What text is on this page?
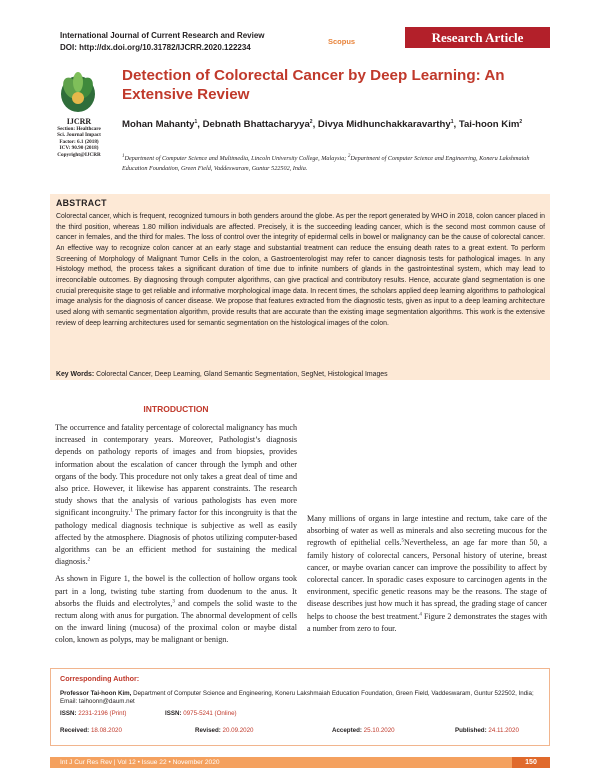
International Journal of Current Research and Review
DOI: http://dx.doi.org/10.31782/IJCRR.2020.122234
Scopus	Research Article
IJCRR
Section: Healthcare
Sci. Journal Impact
Factor: 6.1 (2018)
ICV: 90.90 (2018)
Copyright@IJCRR
Detection of Colorectal Cancer by Deep Learning: An Extensive Review
Mohan Mahanty$^1$, Debnath Bhattacharyya$^2$, Divya Midhunchakkaravarthy$^1$, Tai-hoon Kim$^2$
$^1$Department of Computer Science and Multimedia, Lincoln University College, Malaysia; $^2$Department of Computer Science and Engineering, Koneru Lakshmaiah Education Foundation, Green Field, Vaddeswaram, Guntur 522502, India.
ABSTRACT
Colorectal cancer, which is frequent, recognized tumours in both genders around the globe. As per the report generated by WHO in 2018, colon cancer placed in the third position, whereas 1.80 million individuals are affected. Precisely, it is the succeeding leading cancer, which is the second most common cause of cancer in females, and the third for males. The loss of control over the integrity of epidermal cells in bowel or malignancy can be the cause of colorectal cancer. An effective way to recognize colon cancer at an early stage and substantial treatment can reduce the ensuing death rates to a great extent. To perform Screening of Morphology of Malignant Tumor Cells in the colon, a Gastroenterologist may refer to cancer diagnosis tests for pathological images. In any Histology method, the process takes a significant duration of time due to infinite numbers of glands in the gastrointestinal system, which may lead to irreconcilable outcomes. By diagnosing through computer algorithms, can give practical and contributory results. Hence, accurate gland segmentation is one crucial prerequisite stage to get reliable and informative morphological image data. In recent times, the scholars applied deep learning algorithms to pathological image analysis for the diagnosis of cancer disease. We propose that features extracted from the diagnostic tests, given as input to a deep learning architecture used along with semantic segmentation algorithm, provide results that are accurate than the existing image segmentation algorithms. This work is the extensive review of deep learning architectures used for semantic segmentation on the histological images of the colon.
Key Words: Colorectal Cancer, Deep Learning, Gland Semantic Segmentation, SegNet, Histological Images
INTRODUCTION

The occurrence and fatality percentage of colorectal malignancy has much increased in contemporary years. Moreover, Pathologist’s diagnosis depends on pathology reports of images and from biopsies, provides information about the escalation of cancer through the lymph and other organs of the body. This procedure not only takes a great deal of time and also price. However, it likewise has apparent constraints. The research study shows that the analysis of various pathologists has even more significant incongruity.$^1$ The primary factor for this incongruity is that the pathology medical diagnosis technique is subjective as well as easily affected by the atmosphere. Diagnosis of photos utilizing computer-based algorithms can be an efficient method for sustaining the medical diagnosis.$^2$

As shown in Figure 1, the bowel is the collection of hollow organs took part in a long, twisting tube starting from duodenum to the anus. It absorbs the fluids and electrolytes,$^3$ and compels the solid waste to the rectum along with anus for purgation. The abnormal development of cells on the inward lining (mucosa) of the proximal colon or maybe distal colon, known as polyps, may be malignant or benign.

Many millions of organs in large intestine and rectum, take care of the absorbing of water as well as minerals and also secreting mucous for the regrowth of epithelial cells.$^5$Nevertheless, an age far more than 50, a family history of colorectal cancers, Personal history of uterine, breast cancer, or maybe ovarian cancer can improve the possibility to affect by colorectal cancer. In sporadic cases exposure to carcinogen agents in the environment, specific genetic reasons may be the reasons. The stage of disease describes just how much it has spread, the grading stage of cancer helps to choose the best treatment.$^4$ Figure 2 demonstrates the stages with a number from zero to four.

Corresponding Author:
Professor Tai-hoon Kim, Department of Computer Science and Engineering, Koneru Lakshmaiah Education Foundation, Green Field, Vaddeswaram, Guntur 522502, India; Email: taihoonn@daum.net
ISSN: 2231-2196 (Print)	ISSN: 0975-5241 (Online)
Received: 18.08.2020	Revised: 20.09.2020	Accepted: 25.10.2020	Published: 24.11.2020
Int J Cur Res Rev | Vol 12 • Issue 22 • November 2020	150
